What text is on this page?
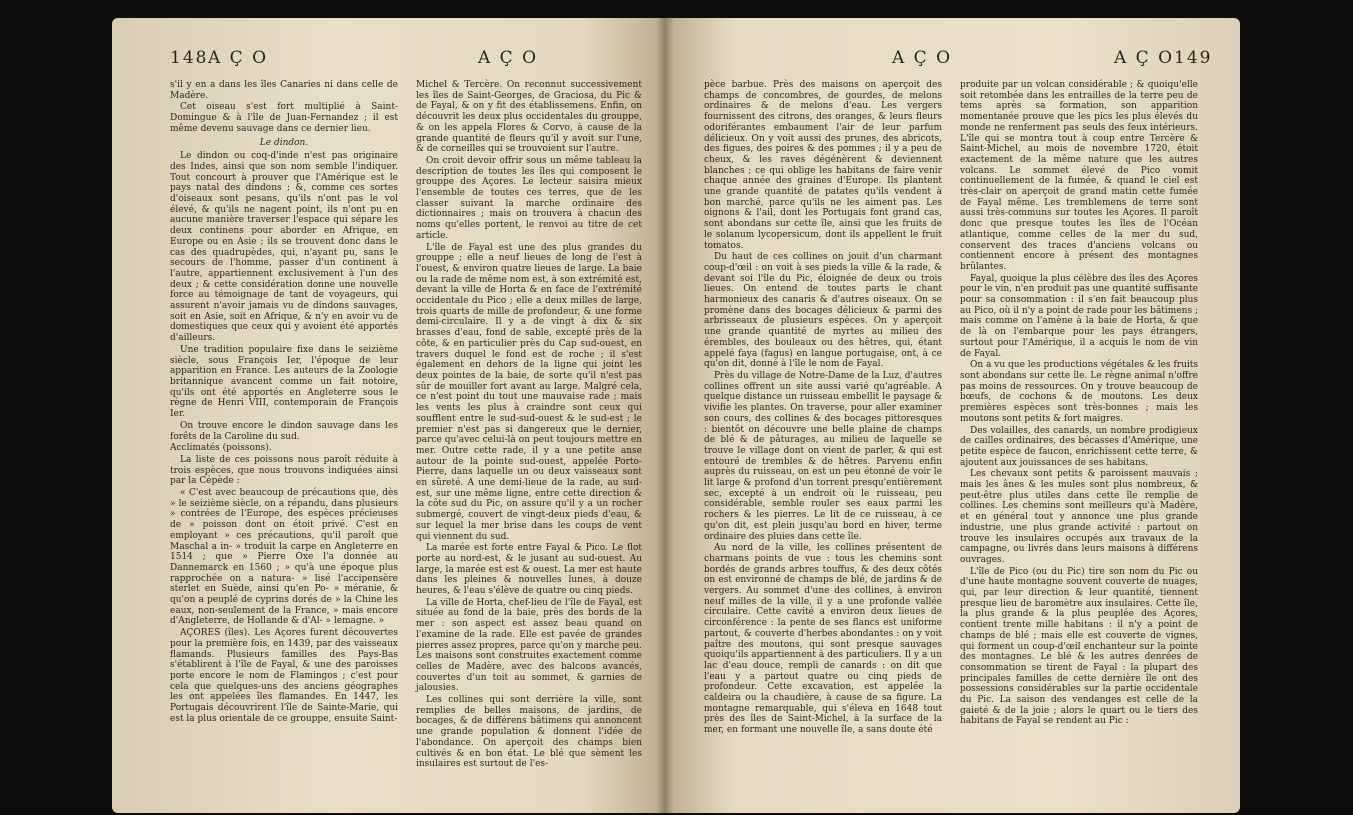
148 A Ç O	A Ç O

s'il y en a dans les îles Canaries ni dans celle de Madère.

Cet oiseau s'est fort multiplié à Saint-Domingue & à l'île de Juan-Fernandez ; il est même devenu sauvage dans ce dernier lieu.

Le dindon.

Le dindon ou coq-d'inde n'est pas originaire des Indes, ainsi que son nom semble l'indiquer. Tout concourt à prouver que l'Amérique est le pays natal des dindons ; &, comme ces sortes d'oiseaux sont pesans, qu'ils n'ont pas le vol élevé, & qu'ils ne nagent point, ils n'ont pu en aucune manière traverser l'espace qui sépare les deux continens pour aborder en Afrique, en Europe ou en Asie ; ils se trouvent donc dans le cas des quadrupèdes, qui, n'ayant pu, sans le secours de l'homme, passer d'un continent à l'autre, appartiennent exclusivement à l'un des deux ; & cette considération donne une nouvelle force au témoignage de tant de voyageurs, qui assurent n'avoir jamais vu de dindons sauvages, soit en Asie, soit en Afrique, & n'y en avoir vu de domestiques que ceux qui y avoient été apportés d'ailleurs.

Une tradition populaire fixe dans le seizième siècle, sous François Ier, l'époque de leur apparition en France. Les auteurs de la Zoologie britannique avancent comme un fait notoire, qu'ils ont été apportés en Angleterre sous le règne de Henri VIII, contemporain de François Ier.

On trouve encore le dindon sauvage dans les forêts de la Caroline du sud.

Acclimatés (poissons).

La liste de ces poissons nous paroît réduite à trois espèces, que nous trouvons indiquées ainsi par la Cépède :

« C'est avec beaucoup de précautions que, dès » le seizième siècle, on a répandu, dans plusieurs » contrées de l'Europe, des espèces précieuses de » poisson dont on étoit privé. C'est en employant » ces précautions, qu'il paroît que Maschal a in- » troduit la carpe en Angleterre en 1514 ; que » Pierre Oxe l'a donnée au Dannemarck en 1560 ; » qu'à une époque plus rapprochée on a natura- » lisé l'accipensère sterlet en Suède, ainsi qu'en Po- » méranie, & qu'on a peuplé de cyprins dorés de » la Chine les eaux, non-seulement de la France, » mais encore d'Angleterre, de Hollande & d'Al- » lemagne. »

AÇORES (îles). Les Açores furent découvertes pour la première fois, en 1439, par des vaisseaux flamands. Plusieurs familles des Pays-Bas s'établirent à l'île de Fayal, & une des paroisses porte encore le nom de Flamingos ; c'est pour cela que quelques-uns des anciens géographes les ont appelées îles flamandes. En 1447, les Portugais découvrirent l'île de Sainte-Marie, qui est la plus orientale de ce grouppe, ensuite Saint-

Michel & Tercère. On reconnut successivement les îles de Saint-Georges, de Graciosa, du Pic & de Fayal, & on y fit des établissemens. Enfin, on découvrit les deux plus occidentales du grouppe, & on les appela Flores & Corvo, à cause de la grande quantité de fleurs qu'il y avoit sur l'une, & de corneilles qui se trouvoient sur l'autre.

On croit devoir offrir sous un même tableau la description de toutes les îles qui composent le grouppe des Açores. Le lecteur saisira mieux l'ensemble de toutes ces terres, que de les classer suivant la marche ordinaire des dictionnaires ; mais on trouvera à chacun des noms qu'elles portent, le renvoi au titre de cet article.

L'île de Fayal est une des plus grandes du grouppe ; elle a neuf lieues de long de l'est à l'ouest, & environ quatre lieues de large. La baie ou la rade de même nom est, à son extrémité est, devant la ville de Horta & en face de l'extrémité occidentale du Pico ; elle a deux milles de large, trois quarts de mille de profondeur, & une forme demi-circulaire. Il y a de vingt à dix & six brasses d'eau, fond de sable, excepté près de la côte, & en particulier près du Cap sud-ouest, en travers duquel le fond est de roche ; il s'est également en dehors de la ligne qui joint les deux pointes de la baie, de sorte qu'il n'est pas sûr de mouiller fort avant au large. Malgré cela, ce n'est point du tout une mauvaise rade ; mais les vents les plus à craindre sont ceux qui soufflent entre le sud-sud-ouest & le sud-est ; le premier n'est pas si dangereux que le dernier, parce qu'avec celui-là on peut toujours mettre en mer. Outre cette rade, il y a une petite anse autour de la pointe sud-ouest, appelée Porto-Pierre, dans laquelle un ou deux vaisseaux sont en sûreté. A une demi-lieue de la rade, au sud-est, sur une même ligne, entre cette direction & la côte sud du Pic, on assure qu'il y a un rocher submergé, couvert de vingt-deux pieds d'eau, & sur lequel la mer brise dans les coups de vent qui viennent du sud.

La marée est forte entre Fayal & Pico. Le flot porte au nord-est, & le jusant au sud-ouest. Au large, la marée est est & ouest. La mer est haute dans les pleines & nouvelles lunes, à douze heures, & l'eau s'élève de quatre ou cinq pieds.

La ville de Horta, chef-lieu de l'île de Fayal, est située au fond de la baie, près des bords de la mer : son aspect est assez beau quand on l'examine de la rade. Elle est pavée de grandes pierres assez propres, parce qu'on y marche peu. Les maisons sont construites exactement comme celles de Madère, avec des balcons avancés, couvertes d'un toit au sommet, & garnies de jalousies.

Les collines qui sont derrière la ville, sont remplies de belles maisons, de jardins, de bocages, & de différens bâtimens qui annoncent une grande population & donnent l'idée de l'abondance. On aperçoit des champs bien cultivés & en bon état. Le blé que sèment les insulaires est surtout de l'es-

A Ç O	A Ç O 149

pèce barbue. Près des maisons on aperçoit des champs de concombres, de gourdes, de melons ordinaires & de melons d'eau. Les vergers fournissent des citrons, des oranges, & leurs fleurs odoriférantes embaument l'air de leur parfum délicieux. On y voit aussi des prunes, des abricots, des figues, des poires & des pommes ; il y a peu de cheux, & les raves dégénèrent & deviennent blanches ; ce qui oblige les habitans de faire venir chaque année des graines d'Europe. Ils plantent une grande quantité de patates qu'ils vendent à bon marché, parce qu'ils ne les aiment pas. Les oignons & l'ail, dont les Portugais font grand cas, sont abondans sur cette île, ainsi que les fruits de le solanum lycopersicum, dont ils appellent le fruit tomatos.

Du haut de ces collines on jouit d'un charmant coup-d'œil : on voit à ses pieds la ville & la rade, & devant soi l'île du Pic, éloignée de deux ou trois lieues. On entend de toutes parts le chant harmonieux des canaris & d'autres oiseaux. On se promène dans des bocages délicieux & parmi des arbrisseaux de plusieurs espèces. On y aperçoit une grande quantité de myrtes au milieu des érembles, des bouleaux ou des hêtres, qui, étant appelé faya (fagus) en langue portugaise, ont, à ce qu'on dit, donné à l'île le nom de Fayal.

Près du village de Notre-Dame de la Luz, d'autres collines offrent un site aussi varié qu'agréable. A quelque distance un ruisseau embellit le paysage & vivifie les plantes. On traverse, pour aller examiner son cours, des collines & des bocages pittoresques : bientôt on découvre une belle plaine de champs de blé & de pâturages, au milieu de laquelle se trouve le village dont on vient de parler, & qui est entouré de trembles & de hêtres. Parvenu enfin auprès du ruisseau, on est un peu étonné de voir le lit large & profond d'un torrent presqu'entièrement sec, excepté à un endroit où le ruisseau, peu considérable, semble rouler ses eaux parmi les rochers & les pierres. Le lit de ce ruisseau, à ce qu'on dit, est plein jusqu'au bord en hiver, terme ordinaire des pluies dans cette île.

Au nord de la ville, les collines présentent de charmans points de vue : tous les chemins sont bordés de grands arbres touffus, & des deux côtés on est environné de champs de blé, de jardins & de vergers. Au sommet d'une des collines, à environ neuf milles de la ville, il y a une profonde vallée circulaire. Cette cavité a environ deux lieues de circonférence : la pente de ses flancs est uniforme partout, & couverte d'herbes abondantes : on y voit paître des moutons, qui sont presque sauvages quoiqu'ils appartiennent à des particuliers. Il y a un lac d'eau douce, rempli de canards : on dit que l'eau y a partout quatre ou cinq pieds de profondeur. Cette excavation, est appelée la caldeira ou la chaudière, à cause de sa figure. La montagne remarquable, qui s'éleva en 1648 tout près des îles de Saint-Michel, à la surface de la mer, en formant une nouvelle île, a sans doute été

produite par un volcan considérable ; & quoiqu'elle soit retombée dans les entrailles de la terre peu de tems après sa formation, son apparition momentanée prouve que les pics les plus élevés du monde ne renferment pas seuls des feux intérieurs. L'île qui se montra tout à coup entre Tercère & Saint-Michel, au mois de novembre 1720, étoit exactement de la même nature que les autres volcans. Le sommet élevé de Pico vomit continuellement de la fumée, & quand le ciel est très-clair on aperçoit de grand matin cette fumée de Fayal même. Les tremblemens de terre sont aussi très-communs sur toutes les Açores. Il paroît donc que presque toutes les îles de l'Océan atlantique, comme celles de la mer du sud, conservent des traces d'anciens volcans ou contiennent encore à présent des montagnes brûlantes.

Fayal, quoique la plus célèbre des îles des Açores pour le vin, n'en produit pas une quantité suffisante pour sa consommation : il s'en fait beaucoup plus au Pico, où il n'y a point de rade pour les bâtimens ; mais comme on l'amène à la baie de Horta, & que de là on l'embarque pour les pays étrangers, surtout pour l'Amérique, il a acquis le nom de vin de Fayal.

On a vu que les productions végétales & les fruits sont abondans sur cette île. Le règne animal n'offre pas moins de ressources. On y trouve beaucoup de bœufs, de cochons & de moutons. Les deux premières espèces sont très-bonnes ; mais les moutons sont petits & fort maigres.

Des volailles, des canards, un nombre prodigieux de cailles ordinaires, des bécasses d'Amérique, une petite espèce de faucon, enrichissent cette terre, & ajoutent aux jouissances de ses habitans.

Les chevaux sont petits & paroissent mauvais ; mais les ânes & les mules sont plus nombreux, & peut-être plus utiles dans cette île remplie de collines. Les chemins sont meilleurs qu'à Madère, et en général tout y annonce une plus grande industrie, une plus grande activité : partout on trouve les insulaires occupés aux travaux de la campagne, ou livrés dans leurs maisons à différens ouvrages.

L'île de Pico (ou du Pic) tire son nom du Pic ou d'une haute montagne souvent couverte de nuages, qui, par leur direction & leur quantité, tiennent presque lieu de baromètre aux insulaires. Cette île, la plus grande & la plus peuplée des Açores, contient trente mille habitans : il n'y a point de champs de blé ; mais elle est couverte de vignes, qui forment un coup-d'œil enchanteur sur la pointe des montagnes. Le blé & les autres denrées de consommation se tirent de Fayal : la plupart des principales familles de cette dernière île ont des possessions considérables sur la partie occidentale du Pic. La saison des vendanges est celle de la gaieté & de la joie ; alors le quart ou le tiers des habitans de Fayal se rendent au Pic :
